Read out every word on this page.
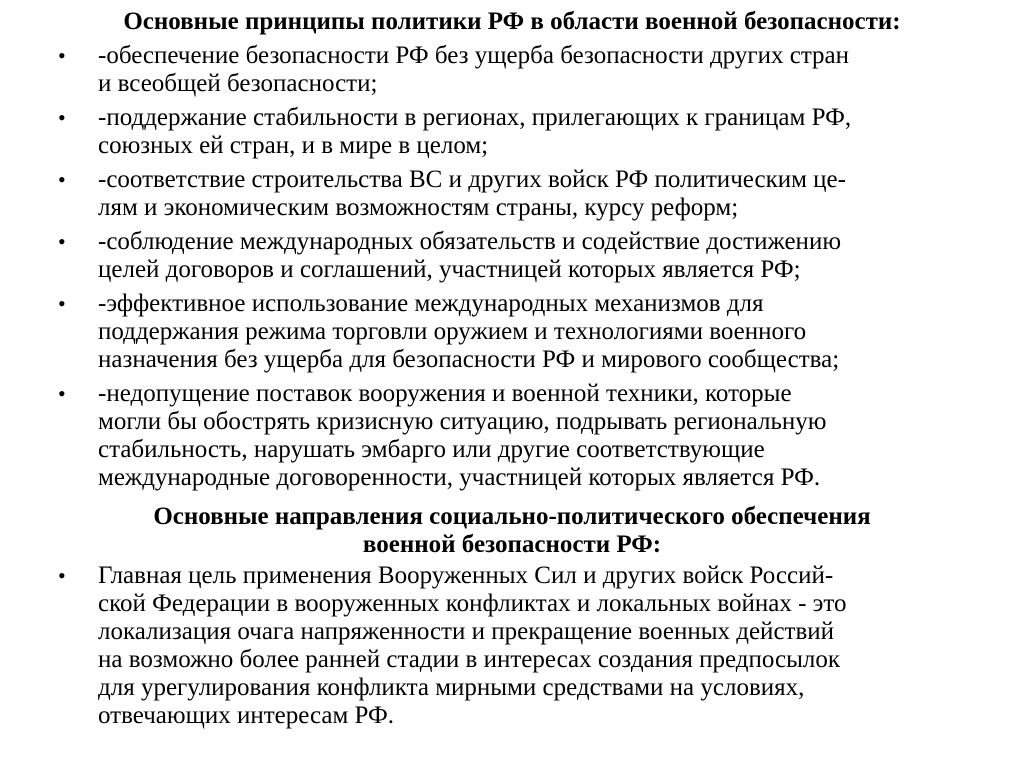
Основные принципы политики РФ в области военной безопасности:
• -обеспечение безопасности РФ без ущерба безопасности других стран
и всеобщей безопасности;
• -поддержание стабильности в регионах, прилегающих к границам РФ,
союзных ей стран, и в мире в целом;
• -соответствие строительства ВС и других войск РФ политическим це-
лям и экономическим возможностям страны, курсу реформ;
• -соблюдение международных обязательств и содействие достижению
целей договоров и соглашений, участницей которых является РФ;
• -эффективное использование международных механизмов для
поддержания режима торговли оружием и технологиями военного
назначения без ущерба для безопасности РФ и мирового сообщества;
• -недопущение поставок вооружения и военной техники, которые
могли бы обострять кризисную ситуацию, подрывать региональную
стабильность, нарушать эмбарго или другие соответствующие
международные договоренности, участницей которых является РФ.
Основные направления социально-политического обеспечения
военной безопасности РФ:
• Главная цель применения Вооруженных Сил и других войск Россий-
ской Федерации в вооруженных конфликтах и локальных войнах - это
локализация очага напряженности и прекращение военных действий
на возможно более ранней стадии в интересах создания предпосылок
для урегулирования конфликта мирными средствами на условиях,
отвечающих интересам РФ.
